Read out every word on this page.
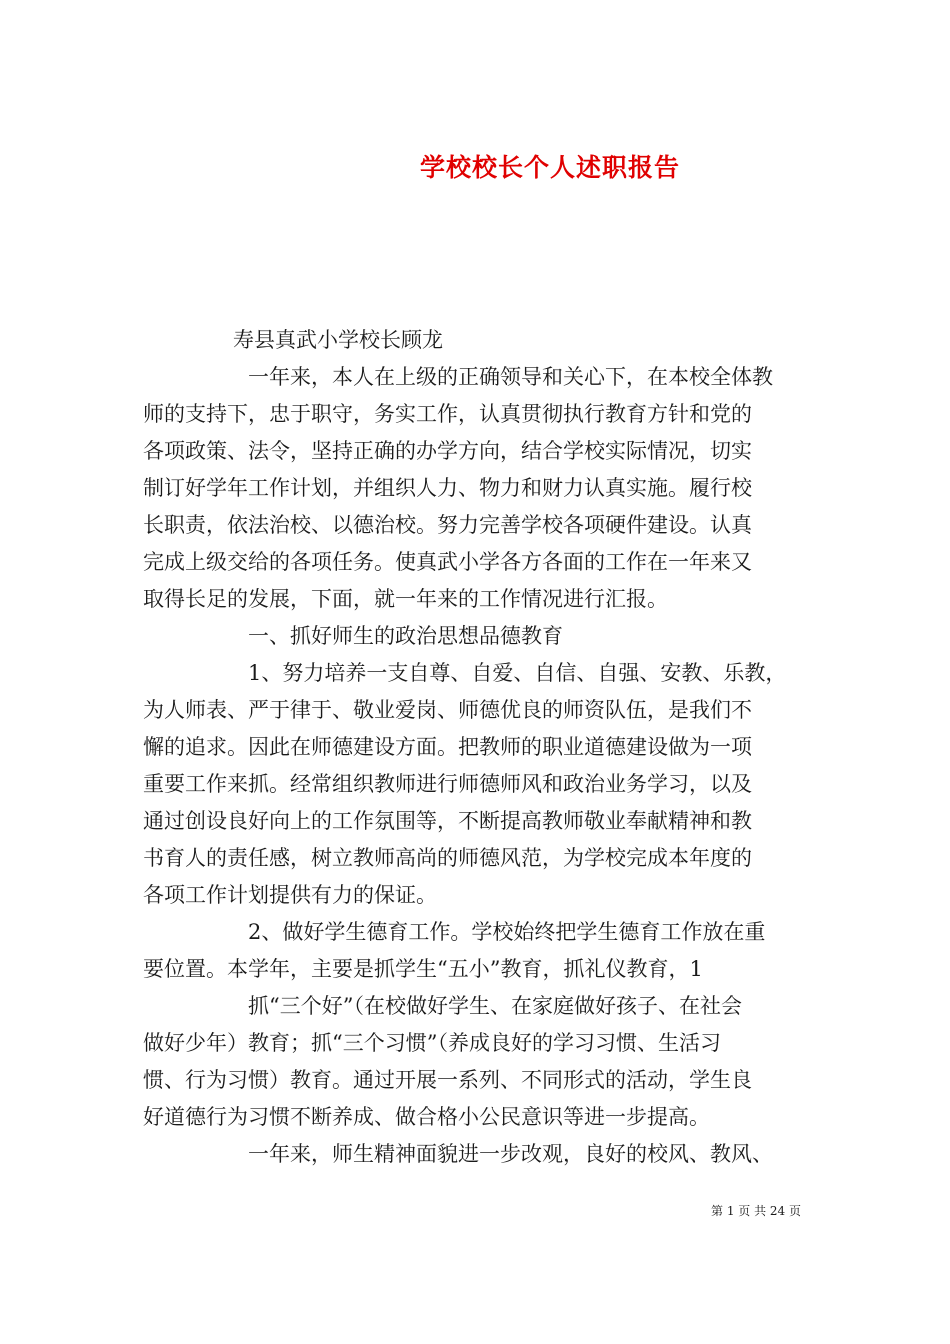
学校校长个人述职报告

寿县真武小学校长顾龙

一年来，本人在上级的正确领导和关心下，在本校全体教

师的支持下，忠于职守，务实工作，认真贯彻执行教育方针和党的

各项政策、法令，坚持正确的办学方向，结合学校实际情况，切实

制订好学年工作计划，并组织人力、物力和财力认真实施。履行校

长职责，依法治校、以德治校。努力完善学校各项硬件建设。认真

完成上级交给的各项任务。使真武小学各方各面的工作在一年来又

取得长足的发展，下面，就一年来的工作情况进行汇报。

一、抓好师生的政治思想品德教育

1、努力培养一支自尊、自爱、自信、自强、安教、乐教，

为人师表、严于律于、敬业爱岗、师德优良的师资队伍，是我们不

懈的追求。因此在师德建设方面。把教师的职业道德建设做为一项

重要工作来抓。经常组织教师进行师德师风和政治业务学习，以及

通过创设良好向上的工作氛围等，不断提高教师敬业奉献精神和教

书育人的责任感，树立教师高尚的师德风范，为学校完成本年度的

各项工作计划提供有力的保证。

2、做好学生德育工作。学校始终把学生德育工作放在重

要位置。本学年，主要是抓学生“五小”教育，抓礼仪教育，1

抓“三个好”（在校做好学生、在家庭做好孩子、在社会

做好少年）教育；抓“三个习惯”（养成良好的学习习惯、生活习

惯、行为习惯）教育。通过开展一系列、不同形式的活动，学生良

好道德行为习惯不断养成、做合格小公民意识等进一步提高。

一年来，师生精神面貌进一步改观，良好的校风、教风、

第 1 页 共 24 页
